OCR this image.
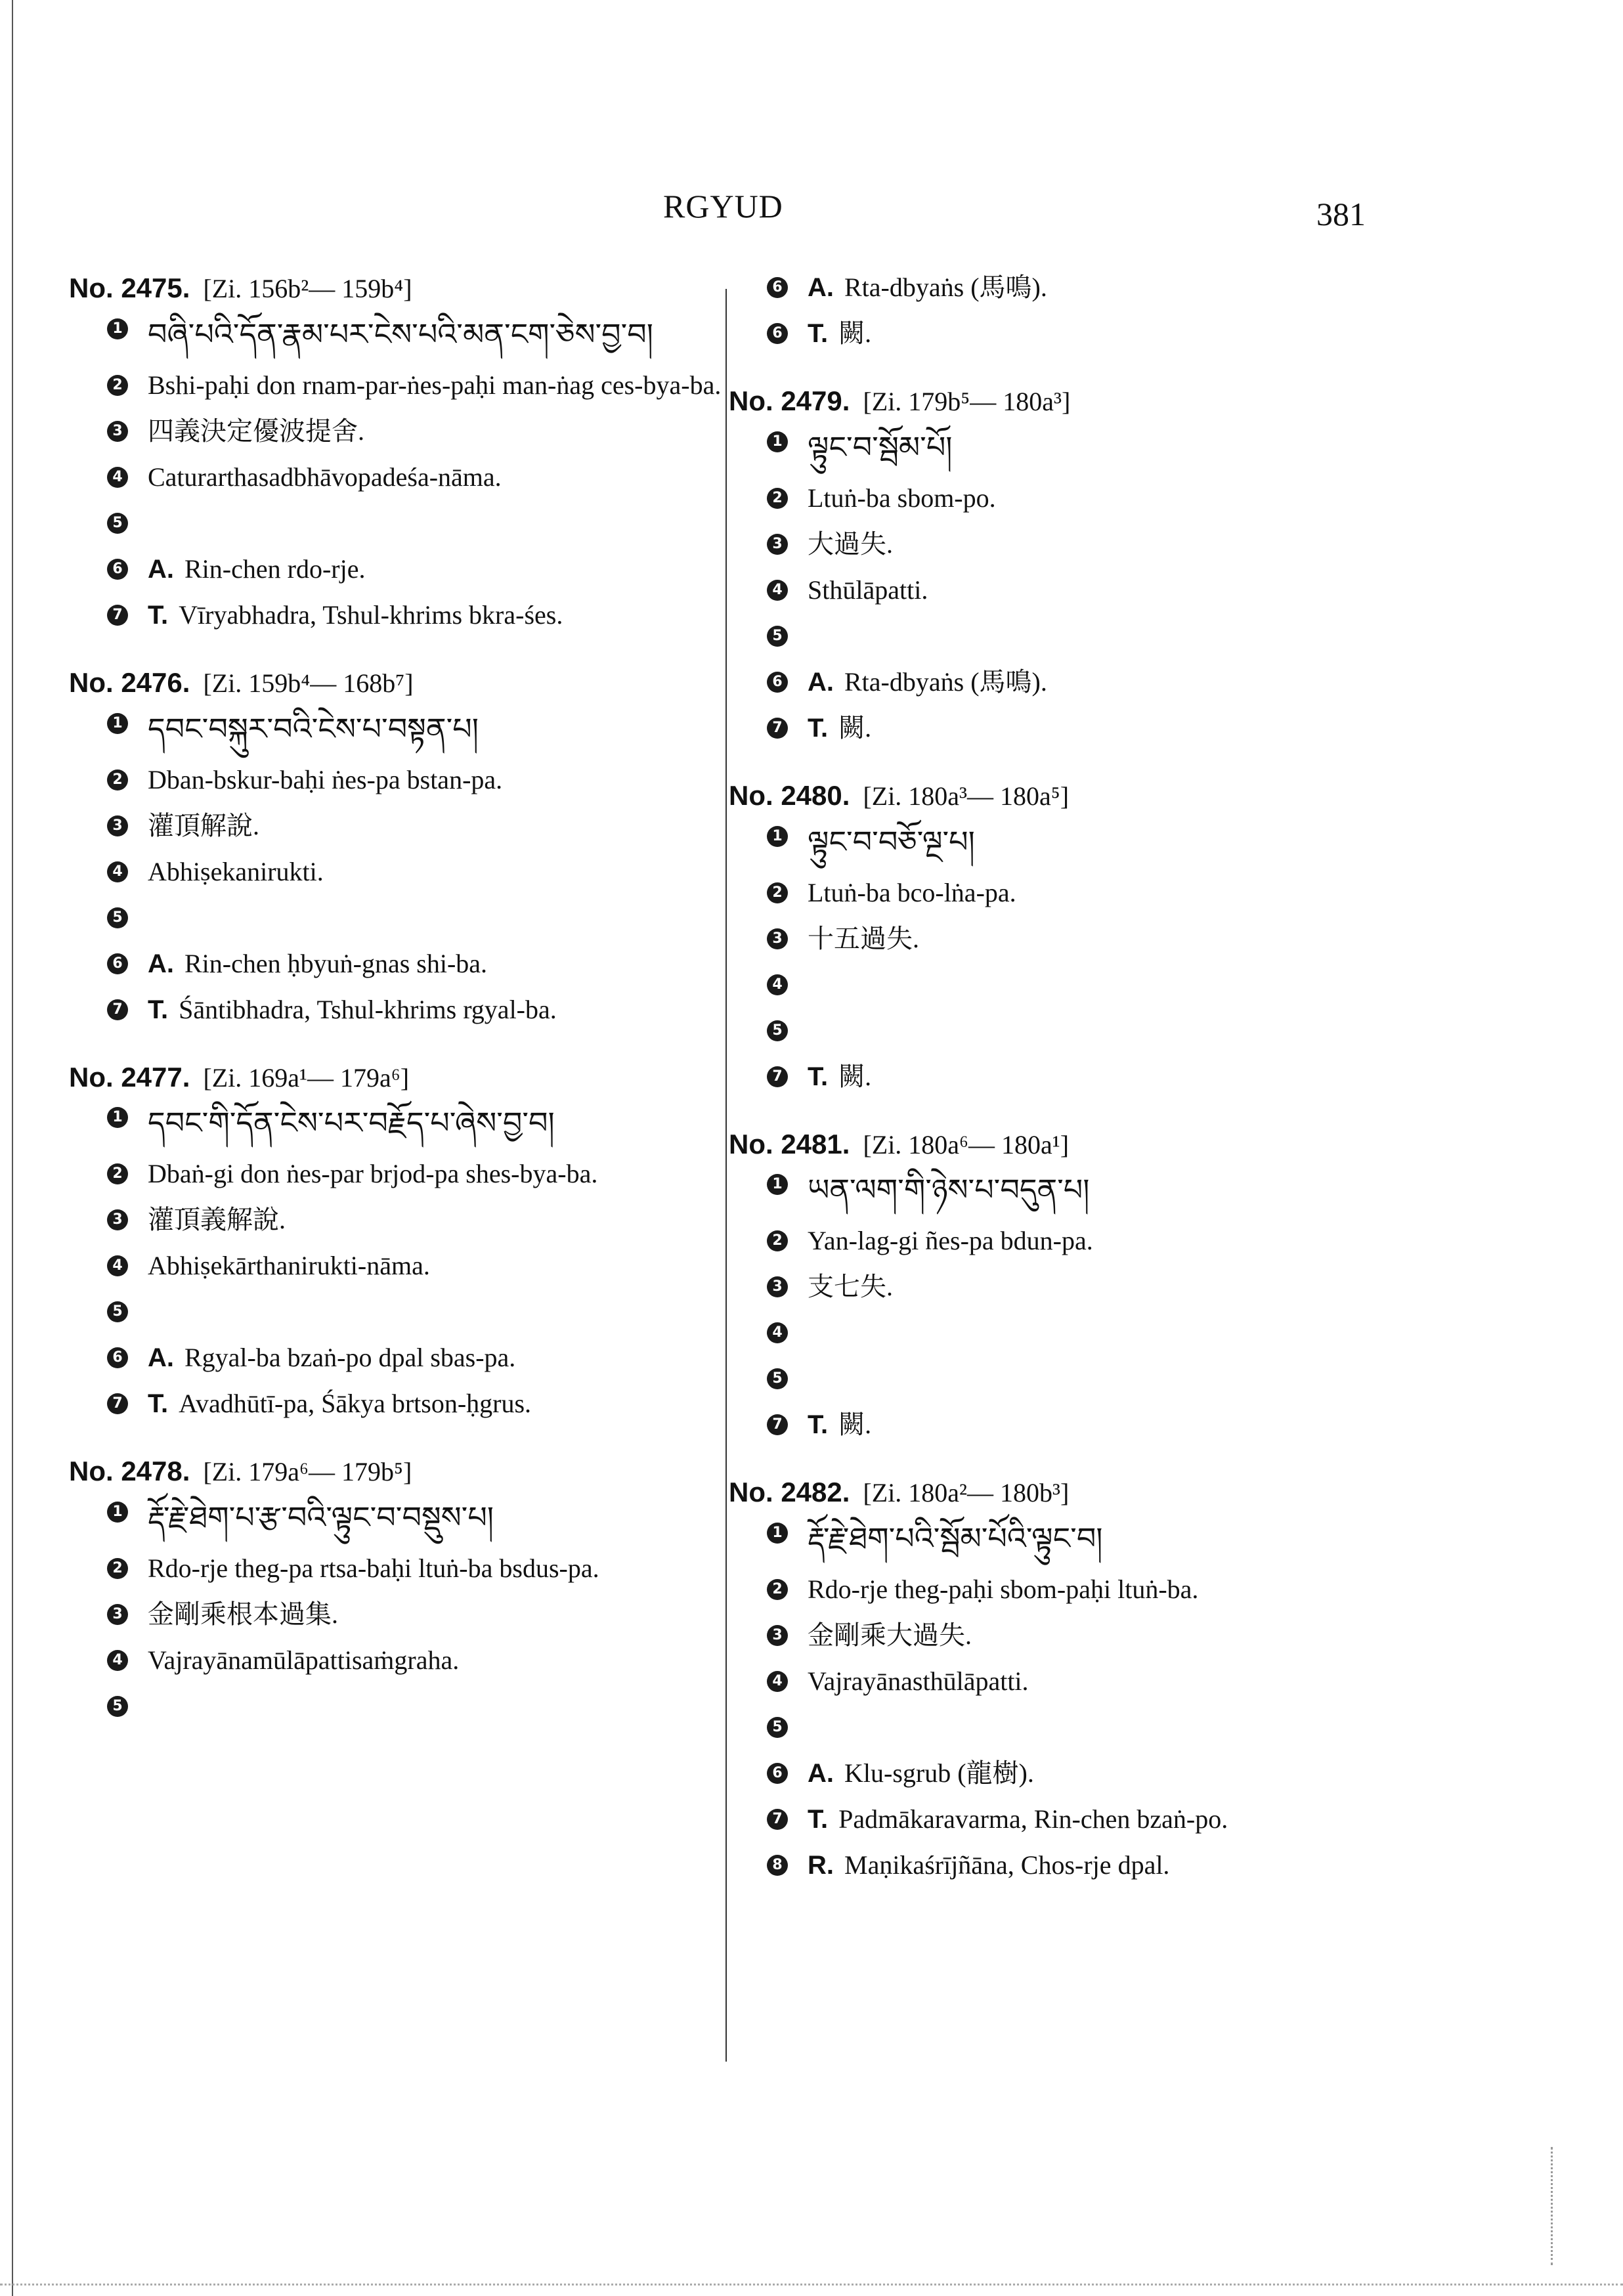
RGYUD	381
No. 2475. [Zi. 156b²— 159b⁴]
1 བཞི་པའི་དོན་རྣམ་པར་ངེས་པའི་མན་ངག་ཅེས་བྱ་བ།
2 Bshi-paḥi don rnam-par-ṅes-paḥi man-ṅag ces-bya-ba.
3 四義決定優波提舍.
4 Caturarthasadbhāvopadeśa-nāma.
5
6 A. Rin-chen rdo-rje.
7 T. Vīryabhadra, Tshul-khrims bkra-śes.
No. 2476. [Zi. 159b⁴— 168b⁷]
1 དབང་བསྐུར་བའི་ངེས་པ་བསྟན་པ།
2 Dban-bskur-baḥi ṅes-pa bstan-pa.
3 灌頂解說.
4 Abhiṣekanirukti.
5
6 A. Rin-chen ḥbyuṅ-gnas shi-ba.
7 T. Śāntibhadra, Tshul-khrims rgyal-ba.
No. 2477. [Zi. 169a¹— 179a⁶]
1 དབང་གི་དོན་ངེས་པར་བརྗོད་པ་ཞེས་བྱ་བ།
2 Dbaṅ-gi don ṅes-par brjod-pa shes-bya-ba.
3 灌頂義解說.
4 Abhiṣekārthanirukti-nāma.
5
6 A. Rgyal-ba bzaṅ-po dpal sbas-pa.
7 T. Avadhūtī-pa, Śākya brtson-ḥgrus.
No. 2478. [Zi. 179a⁶— 179b⁵]
1 རྡོ་རྗེ་ཐེག་པ་རྩ་བའི་ལྟུང་བ་བསྡུས་པ།
2 Rdo-rje theg-pa rtsa-baḥi ltuṅ-ba bsdus-pa.
3 金剛乘根本過集.
4 Vajrayānamūlāpattisaṁgraha.
5
6 A. Rta-dbyaṅs (馬鳴).
6 T. 闕.
No. 2479. [Zi. 179b⁵— 180a³]
1 ལྟུང་བ་སྦོམ་པོ།
2 Ltuṅ-ba sbom-po.
3 大過失.
4 Sthūlāpatti.
5
6 A. Rta-dbyaṅs (馬鳴).
7 T. 闕.
No. 2480. [Zi. 180a³— 180a⁵]
1 ལྟུང་བ་བཅོ་ལྔ་པ།
2 Ltuṅ-ba bco-lṅa-pa.
3 十五過失.
4
5
7 T. 闕.
No. 2481. [Zi. 180a⁶— 180a¹]
1 ཡན་ལག་གི་ཉེས་པ་བདུན་པ།
2 Yan-lag-gi ñes-pa bdun-pa.
3 支七失.
4
5
7 T. 闕.
No. 2482. [Zi. 180a²— 180b³]
1 རྡོ་རྗེ་ཐེག་པའི་སྦོམ་པོའི་ལྟུང་བ།
2 Rdo-rje theg-paḥi sbom-paḥi ltuṅ-ba.
3 金剛乘大過失.
4 Vajrayānasthūlāpatti.
5
6 A. Klu-sgrub (龍樹).
7 T. Padmākaravarma, Rin-chen bzaṅ-po.
8 R. Maṇikaśrījñāna, Chos-rje dpal.
